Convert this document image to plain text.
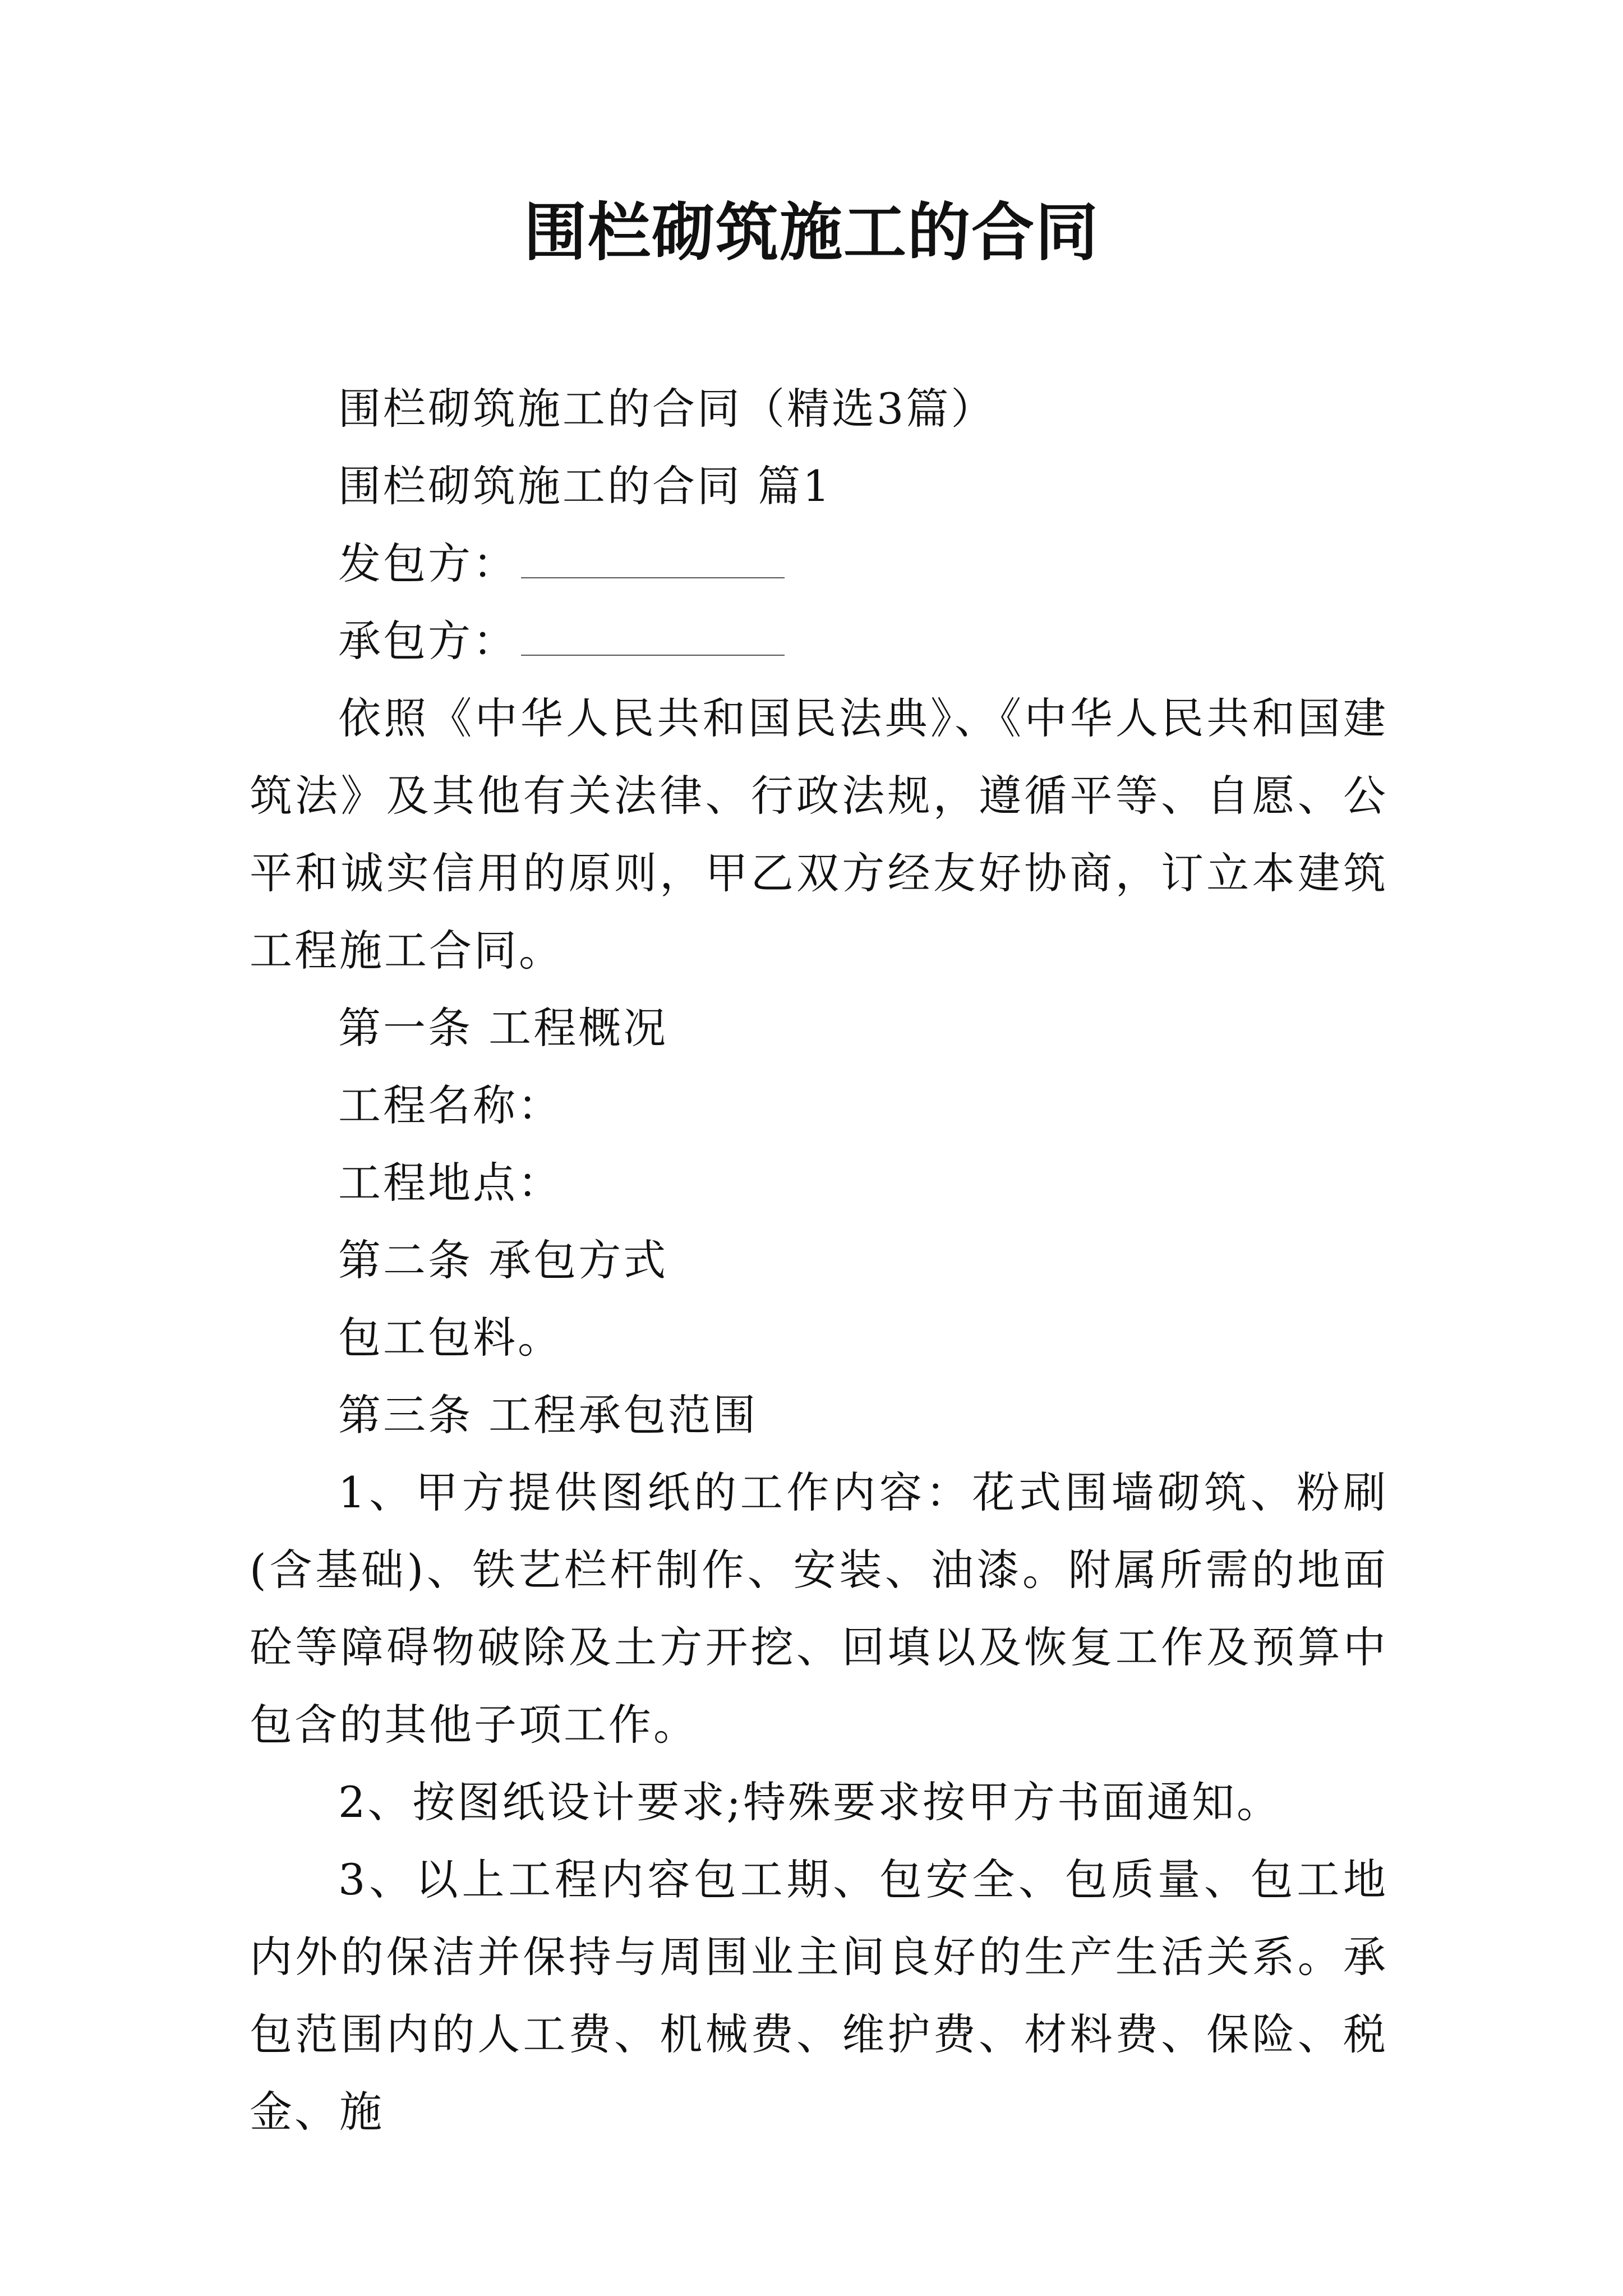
围栏砌筑施工的合同

围栏砌筑施工的合同（精选3篇）

围栏砌筑施工的合同 篇1

发包方：

承包方：

依照《中华人民共和国民法典》、《中华人民共和国建筑法》及其他有关法律、行政法规，遵循平等、自愿、公平和诚实信用的原则，甲乙双方经友好协商，订立本建筑工程施工合同。

第一条 工程概况

工程名称：

工程地点：

第二条 承包方式

包工包料。

第三条 工程承包范围

1、甲方提供图纸的工作内容：花式围墙砌筑、粉刷(含基础)、铁艺栏杆制作、安装、油漆。附属所需的地面砼等障碍物破除及土方开挖、回填以及恢复工作及预算中包含的其他子项工作。

2、按图纸设计要求;特殊要求按甲方书面通知。

3、以上工程内容包工期、包安全、包质量、包工地内外的保洁并保持与周围业主间良好的生产生活关系。承包范围内的人工费、机械费、维护费、材料费、保险、税金、施
